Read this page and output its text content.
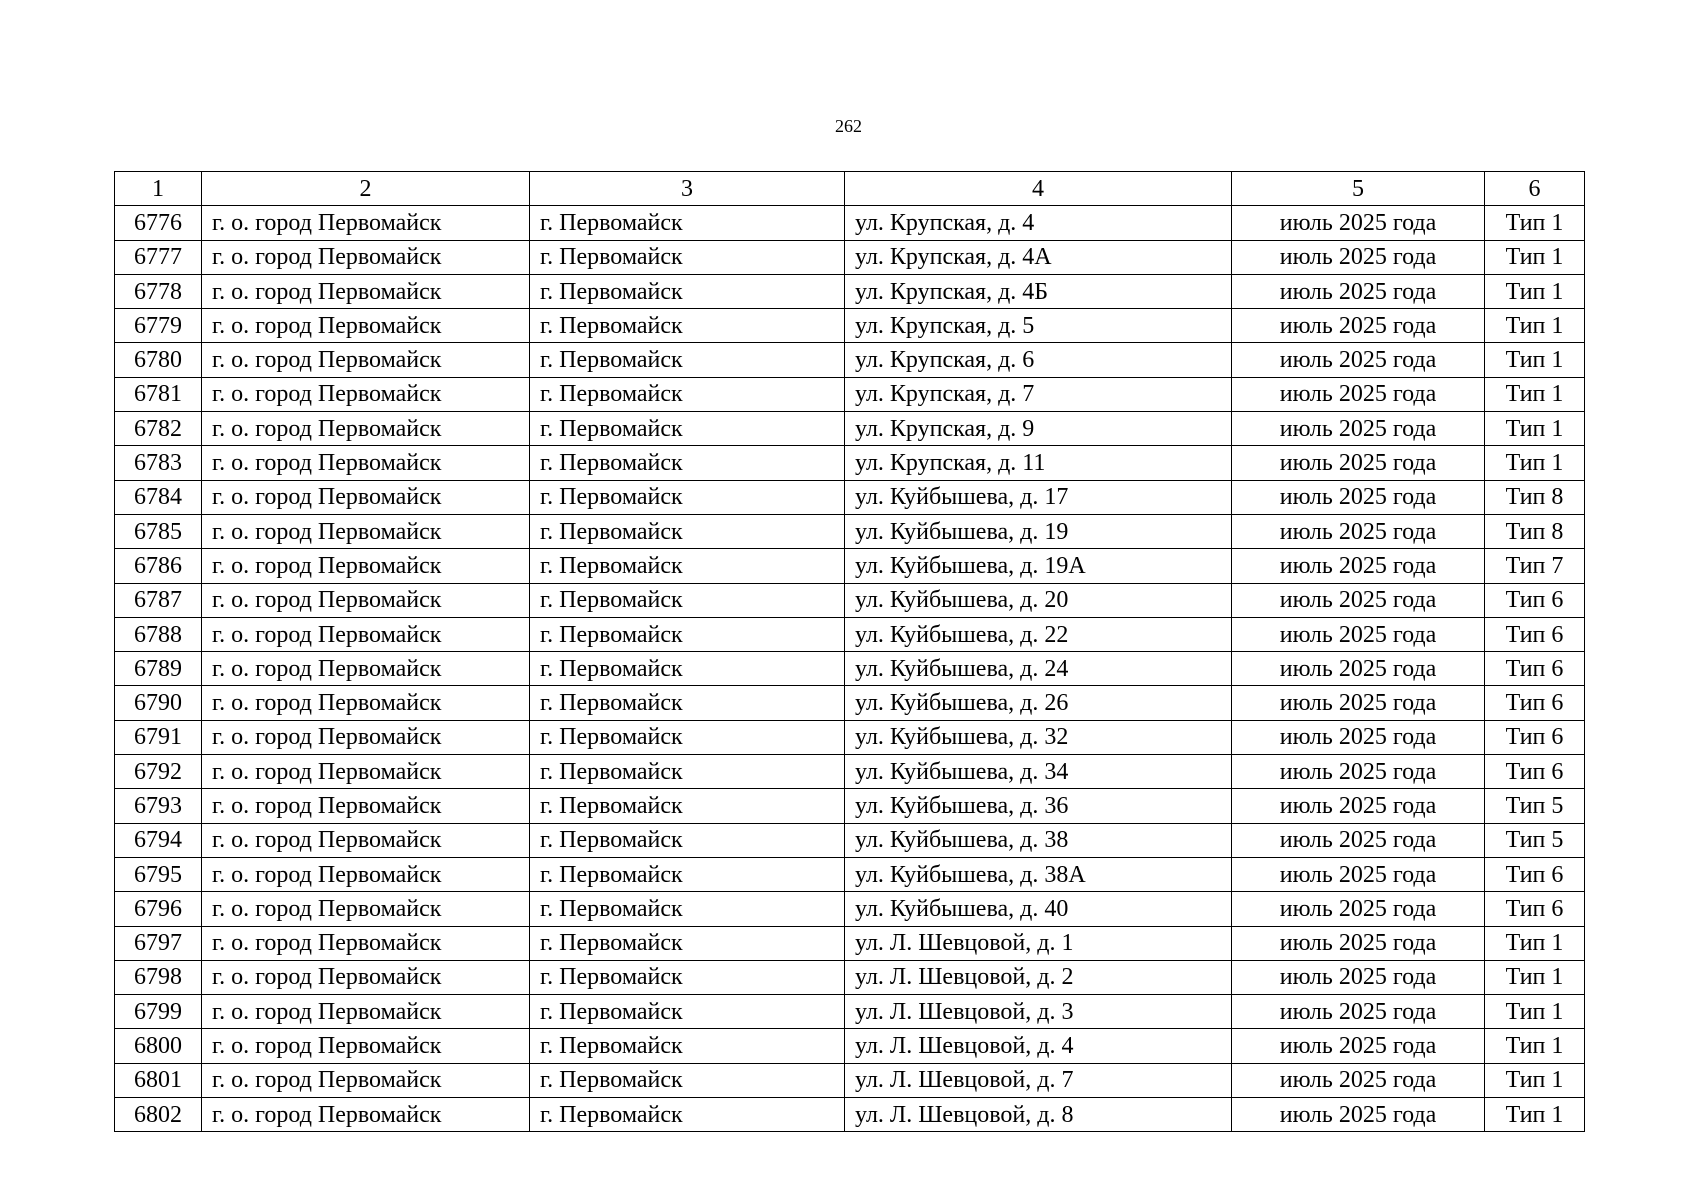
262
1	2	3	4	5	6
6776	г. о. город Первомайск	г. Первомайск	ул. Крупская, д. 4	июль 2025 года	Тип 1
6777	г. о. город Первомайск	г. Первомайск	ул. Крупская, д. 4А	июль 2025 года	Тип 1
6778	г. о. город Первомайск	г. Первомайск	ул. Крупская, д. 4Б	июль 2025 года	Тип 1
6779	г. о. город Первомайск	г. Первомайск	ул. Крупская, д. 5	июль 2025 года	Тип 1
6780	г. о. город Первомайск	г. Первомайск	ул. Крупская, д. 6	июль 2025 года	Тип 1
6781	г. о. город Первомайск	г. Первомайск	ул. Крупская, д. 7	июль 2025 года	Тип 1
6782	г. о. город Первомайск	г. Первомайск	ул. Крупская, д. 9	июль 2025 года	Тип 1
6783	г. о. город Первомайск	г. Первомайск	ул. Крупская, д. 11	июль 2025 года	Тип 1
6784	г. о. город Первомайск	г. Первомайск	ул. Куйбышева, д. 17	июль 2025 года	Тип 8
6785	г. о. город Первомайск	г. Первомайск	ул. Куйбышева, д. 19	июль 2025 года	Тип 8
6786	г. о. город Первомайск	г. Первомайск	ул. Куйбышева, д. 19А	июль 2025 года	Тип 7
6787	г. о. город Первомайск	г. Первомайск	ул. Куйбышева, д. 20	июль 2025 года	Тип 6
6788	г. о. город Первомайск	г. Первомайск	ул. Куйбышева, д. 22	июль 2025 года	Тип 6
6789	г. о. город Первомайск	г. Первомайск	ул. Куйбышева, д. 24	июль 2025 года	Тип 6
6790	г. о. город Первомайск	г. Первомайск	ул. Куйбышева, д. 26	июль 2025 года	Тип 6
6791	г. о. город Первомайск	г. Первомайск	ул. Куйбышева, д. 32	июль 2025 года	Тип 6
6792	г. о. город Первомайск	г. Первомайск	ул. Куйбышева, д. 34	июль 2025 года	Тип 6
6793	г. о. город Первомайск	г. Первомайск	ул. Куйбышева, д. 36	июль 2025 года	Тип 5
6794	г. о. город Первомайск	г. Первомайск	ул. Куйбышева, д. 38	июль 2025 года	Тип 5
6795	г. о. город Первомайск	г. Первомайск	ул. Куйбышева, д. 38А	июль 2025 года	Тип 6
6796	г. о. город Первомайск	г. Первомайск	ул. Куйбышева, д. 40	июль 2025 года	Тип 6
6797	г. о. город Первомайск	г. Первомайск	ул. Л. Шевцовой, д. 1	июль 2025 года	Тип 1
6798	г. о. город Первомайск	г. Первомайск	ул. Л. Шевцовой, д. 2	июль 2025 года	Тип 1
6799	г. о. город Первомайск	г. Первомайск	ул. Л. Шевцовой, д. 3	июль 2025 года	Тип 1
6800	г. о. город Первомайск	г. Первомайск	ул. Л. Шевцовой, д. 4	июль 2025 года	Тип 1
6801	г. о. город Первомайск	г. Первомайск	ул. Л. Шевцовой, д. 7	июль 2025 года	Тип 1
6802	г. о. город Первомайск	г. Первомайск	ул. Л. Шевцовой, д. 8	июль 2025 года	Тип 1
